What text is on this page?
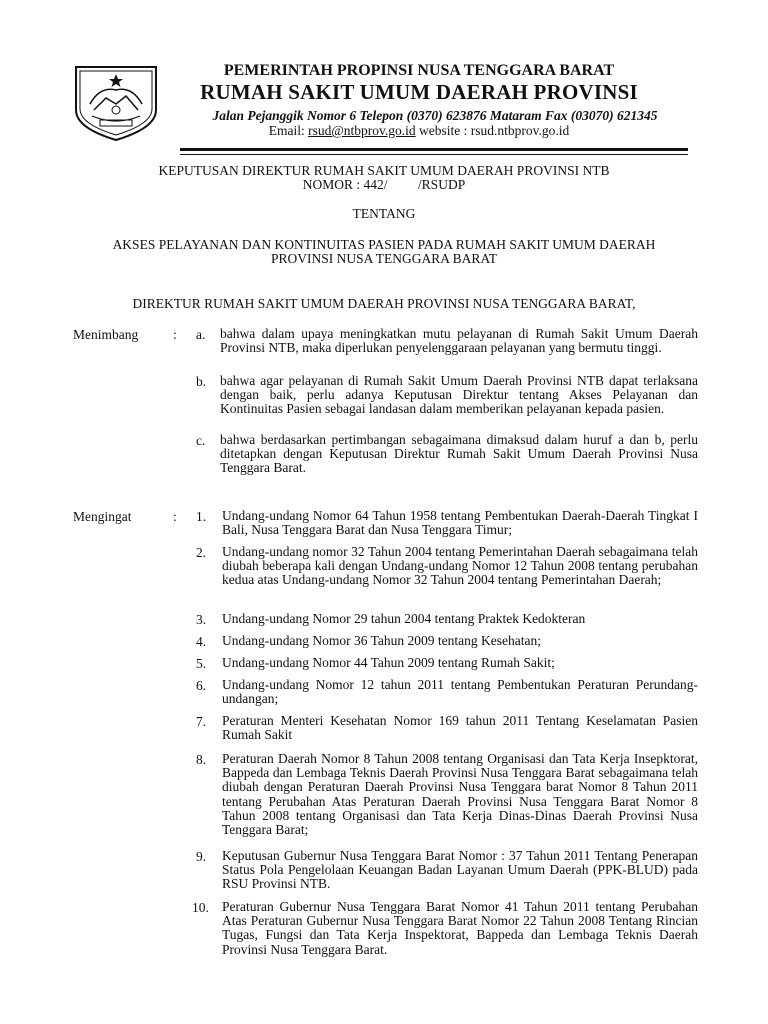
PEMERINTAH PROPINSI NUSA TENGGARA BARAT
RUMAH SAKIT UMUM DAERAH PROVINSI
Jalan Pejanggik Nomor 6 Telepon (0370) 623876 Mataram Fax (03070) 621345
Email: rsud@ntbprov.go.id website : rsud.ntbprov.go.id
KEPUTUSAN DIREKTUR RUMAH SAKIT UMUM DAERAH PROVINSI NTB
NOMOR : 442/         /RSUDP
TENTANG
AKSES PELAYANAN DAN KONTINUITAS PASIEN PADA RUMAH SAKIT UMUM DAERAH
PROVINSI NUSA TENGGARA BARAT
DIREKTUR RUMAH SAKIT UMUM DAERAH PROVINSI NUSA TENGGARA BARAT,
Menimbang	: a. bahwa dalam upaya meningkatkan mutu pelayanan di Rumah Sakit Umum Daerah Provinsi NTB, maka diperlukan penyelenggaraan pelayanan yang bermutu tinggi.
b. bahwa agar pelayanan di Rumah Sakit Umum Daerah Provinsi NTB dapat terlaksana dengan baik, perlu adanya Keputusan Direktur tentang Akses Pelayanan dan Kontinuitas Pasien sebagai landasan dalam memberikan pelayanan kepada pasien.
c. bahwa berdasarkan pertimbangan sebagaimana dimaksud dalam huruf a dan b, perlu ditetapkan dengan Keputusan Direktur Rumah Sakit Umum Daerah Provinsi Nusa Tenggara Barat.
Mengingat	: 1. Undang-undang Nomor 64 Tahun 1958 tentang Pembentukan Daerah-Daerah Tingkat I Bali, Nusa Tenggara Barat dan Nusa Tenggara Timur;
2. Undang-undang nomor 32 Tahun 2004 tentang Pemerintahan Daerah sebagaimana telah diubah beberapa kali dengan Undang-undang Nomor 12 Tahun 2008 tentang perubahan kedua atas Undang-undang Nomor 32 Tahun 2004 tentang Pemerintahan Daerah;
3. Undang-undang Nomor 29 tahun 2004 tentang Praktek Kedokteran
4. Undang-undang Nomor 36 Tahun 2009 tentang Kesehatan;
5. Undang-undang Nomor 44 Tahun 2009 tentang Rumah Sakit;
6. Undang-undang Nomor 12 tahun 2011 tentang Pembentukan Peraturan Perundang-undangan;
7. Peraturan Menteri Kesehatan Nomor 169 tahun 2011 Tentang Keselamatan Pasien Rumah Sakit
8. Peraturan Daerah Nomor 8 Tahun 2008 tentang Organisasi dan Tata Kerja Insepktorat, Bappeda dan Lembaga Teknis Daerah Provinsi Nusa Tenggara Barat sebagaimana telah diubah dengan Peraturan Daerah Provinsi Nusa Tenggara barat Nomor 8 Tahun 2011 tentang Perubahan Atas Peraturan Daerah Provinsi Nusa Tenggara Barat Nomor 8 Tahun 2008 tentang Organisasi dan Tata Kerja Dinas-Dinas Daerah Provinsi Nusa Tenggara Barat;
9. Keputusan Gubernur Nusa Tenggara Barat Nomor : 37 Tahun 2011 Tentang Penerapan Status Pola Pengelolaan Keuangan Badan Layanan Umum Daerah (PPK-BLUD) pada RSU Provinsi NTB.
10. Peraturan Gubernur Nusa Tenggara Barat Nomor 41 Tahun 2011 tentang Perubahan Atas Peraturan Gubernur Nusa Tenggara Barat Nomor 22 Tahun 2008 Tentang Rincian Tugas, Fungsi dan Tata Kerja Inspektorat, Bappeda dan Lembaga Teknis Daerah Provinsi Nusa Tenggara Barat.
